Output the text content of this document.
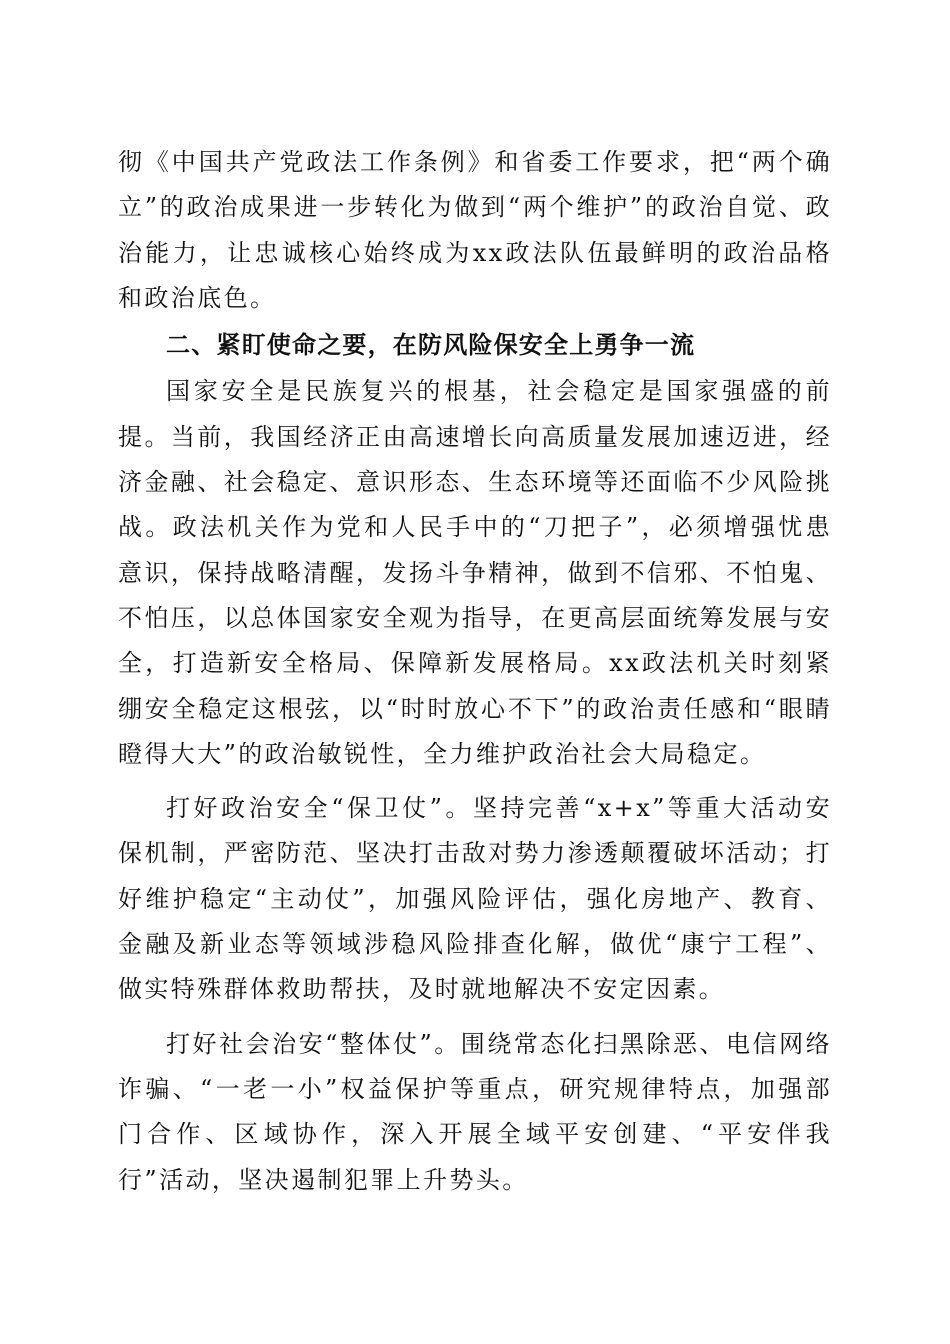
彻《中国共产党政法工作条例》和省委工作要求，把“两个确立”的政治成果进一步转化为做到“两个维护”的政治自觉、政治能力，让忠诚核心始终成为xx政法队伍最鲜明的政治品格和政治底色。

二、紧盯使命之要，在防风险保安全上勇争一流

国家安全是民族复兴的根基，社会稳定是国家强盛的前提。当前，我国经济正由高速增长向高质量发展加速迈进，经济金融、社会稳定、意识形态、生态环境等还面临不少风险挑战。政法机关作为党和人民手中的“刀把子”，必须增强忧患意识，保持战略清醒，发扬斗争精神，做到不信邪、不怕鬼、不怕压，以总体国家安全观为指导，在更高层面统筹发展与安全，打造新安全格局、保障新发展格局。xx政法机关时刻紧绷安全稳定这根弦，以“时时放心不下”的政治责任感和“眼睛瞪得大大”的政治敏锐性，全力维护政治社会大局稳定。

打好政治安全“保卫仗”。坚持完善“x+x”等重大活动安保机制，严密防范、坚决打击敌对势力渗透颠覆破坏活动；打好维护稳定“主动仗”，加强风险评估，强化房地产、教育、金融及新业态等领域涉稳风险排查化解，做优“康宁工程”、做实特殊群体救助帮扶，及时就地解决不安定因素。

打好社会治安“整体仗”。围绕常态化扫黑除恶、电信网络诈骗、“一老一小”权益保护等重点，研究规律特点，加强部门合作、区域协作，深入开展全域平安创建、“平安伴我行”活动，坚决遏制犯罪上升势头。
